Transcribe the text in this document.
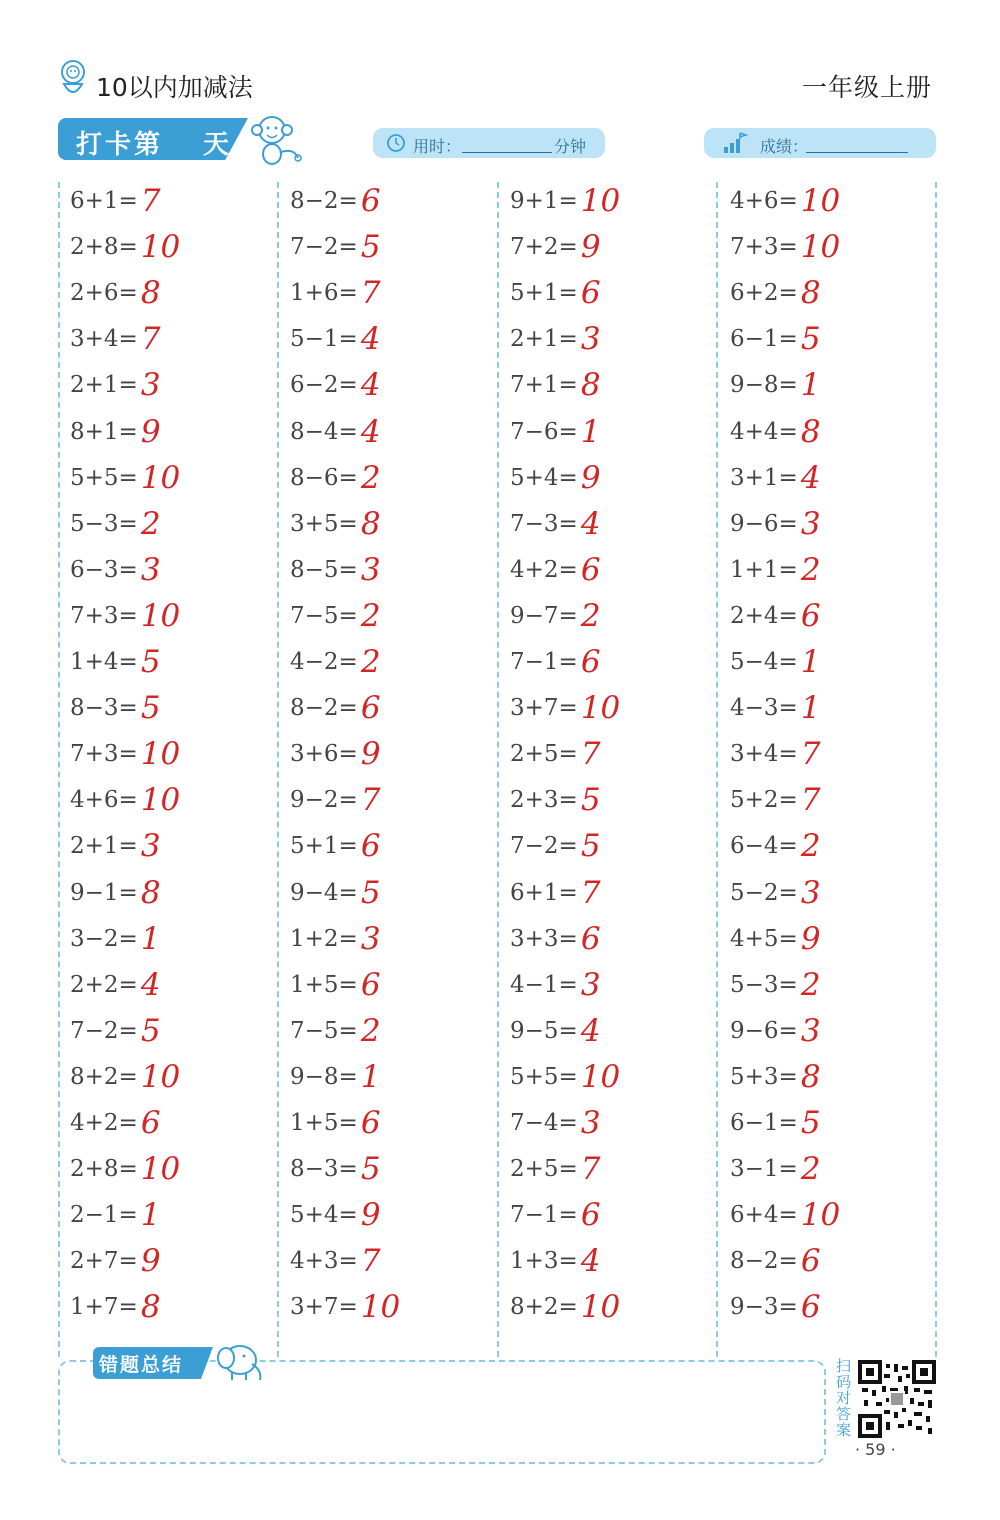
10以内加减法	一年级上册
打卡第 天	用时：	分钟	成绩：
6+1= 7
2+8= 10
2+6= 8
3+4= 7
2+1= 3
8+1= 9
5+5= 10
5−3= 2
6−3= 3
7+3= 10
1+4= 5
8−3= 5
7+3= 10
4+6= 10
2+1= 3
9−1= 8
3−2= 1
2+2= 4
7−2= 5
8+2= 10
4+2= 6
2+8= 10
2−1= 1
2+7= 9
1+7= 8
8−2= 6
7−2= 5
1+6= 7
5−1= 4
6−2= 4
8−4= 4
8−6= 2
3+5= 8
8−5= 3
7−5= 2
4−2= 2
8−2= 6
3+6= 9
9−2= 7
5+1= 6
9−4= 5
1+2= 3
1+5= 6
7−5= 2
9−8= 1
1+5= 6
8−3= 5
5+4= 9
4+3= 7
3+7= 10
9+1= 10
7+2= 9
5+1= 6
2+1= 3
7+1= 8
7−6= 1
5+4= 9
7−3= 4
4+2= 6
9−7= 2
7−1= 6
3+7= 10
2+5= 7
2+3= 5
7−2= 5
6+1= 7
3+3= 6
4−1= 3
9−5= 4
5+5= 10
7−4= 3
2+5= 7
7−1= 6
1+3= 4
8+2= 10
4+6= 10
7+3= 10
6+2= 8
6−1= 5
9−8= 1
4+4= 8
3+1= 4
9−6= 3
1+1= 2
2+4= 6
5−4= 1
4−3= 1
3+4= 7
5+2= 7
6−4= 2
5−2= 3
4+5= 9
5−3= 2
9−6= 3
5+3= 8
6−1= 5
3−1= 2
6+4= 10
8−2= 6
9−3= 6
错题总结	扫码对答案
· 59 ·
